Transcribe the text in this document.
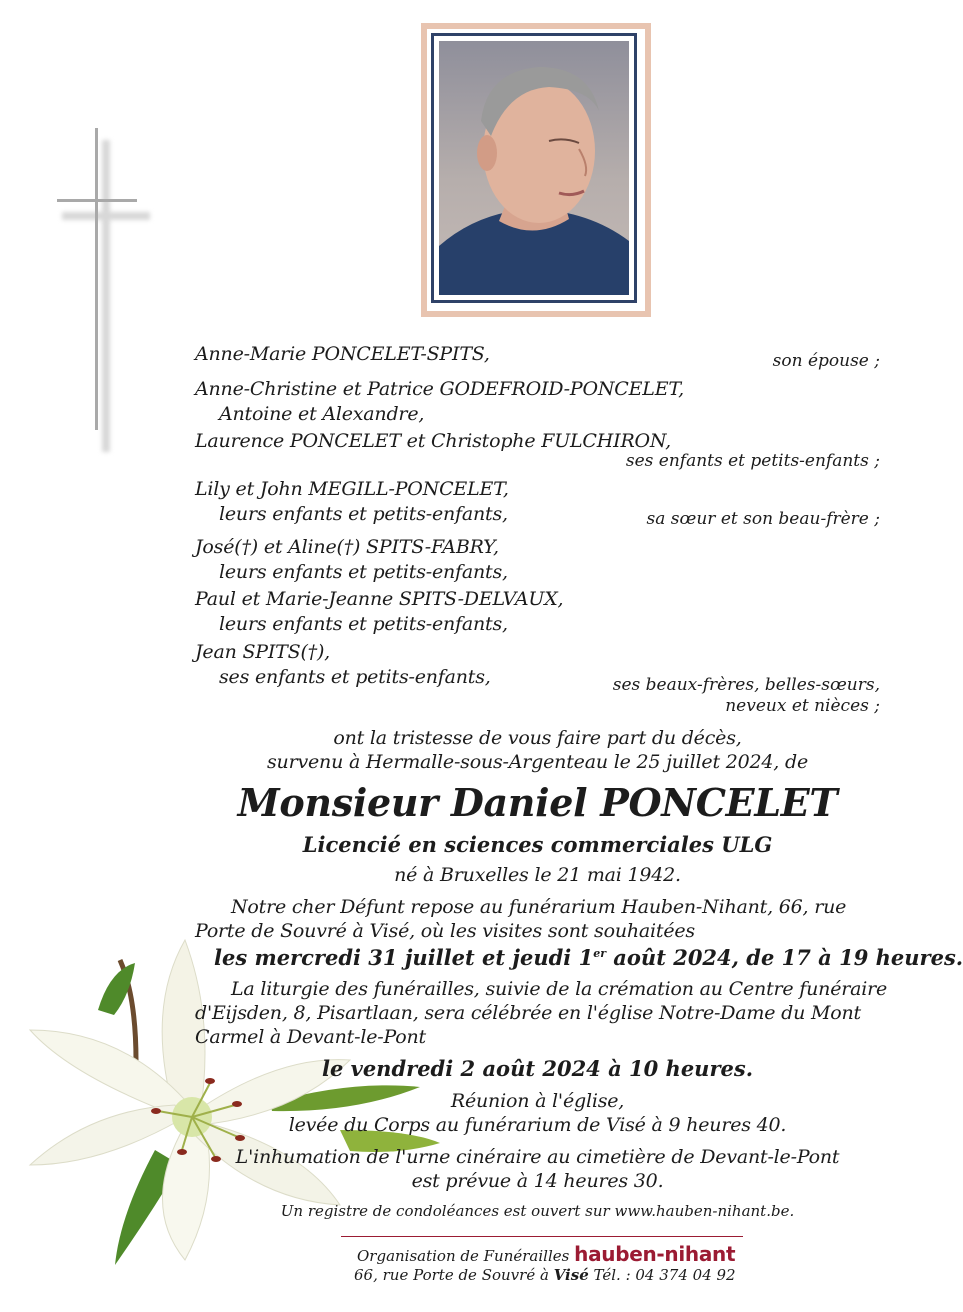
Anne-Marie PONCELET-SPITS,	son épouse ;
Anne-Christine et Patrice GODEFROID-PONCELET,
Antoine et Alexandre,
Laurence PONCELET et Christophe FULCHIRON,
ses enfants et petits-enfants ;
Lily et John MEGILL-PONCELET,
leurs enfants et petits-enfants,	sa sœur et son beau-frère ;
José(†) et Aline(†) SPITS-FABRY,
leurs enfants et petits-enfants,
Paul et Marie-Jeanne SPITS-DELVAUX,
leurs enfants et petits-enfants,
Jean SPITS(†),
ses enfants et petits-enfants,	ses beaux-frères, belles-sœurs,
neveux et nièces ;
ont la tristesse de vous faire part du décès,
survenu à Hermalle-sous-Argenteau le 25 juillet 2024, de
Monsieur Daniel PONCELET
Licencié en sciences commerciales ULG
né à Bruxelles le 21 mai 1942.
Notre cher Défunt repose au funérarium Hauben-Nihant, 66, rue
Porte de Souvré à Visé, où les visites sont souhaitées
les mercredi 31 juillet et jeudi 1er août 2024, de 17 à 19 heures.
La liturgie des funérailles, suivie de la crémation au Centre funéraire
d'Eijsden, 8, Pisartlaan, sera célébrée en l'église Notre-Dame du Mont
Carmel à Devant-le-Pont
le vendredi 2 août 2024 à 10 heures.
Réunion à l'église,
levée du Corps au funérarium de Visé à 9 heures 40.
L'inhumation de l'urne cinéraire au cimetière de Devant-le-Pont
est prévue à 14 heures 30.
Un registre de condoléances est ouvert sur www.hauben-nihant.be.
Organisation de Funérailles hauben-nihant
66, rue Porte de Souvré à Visé Tél. : 04 374 04 92
